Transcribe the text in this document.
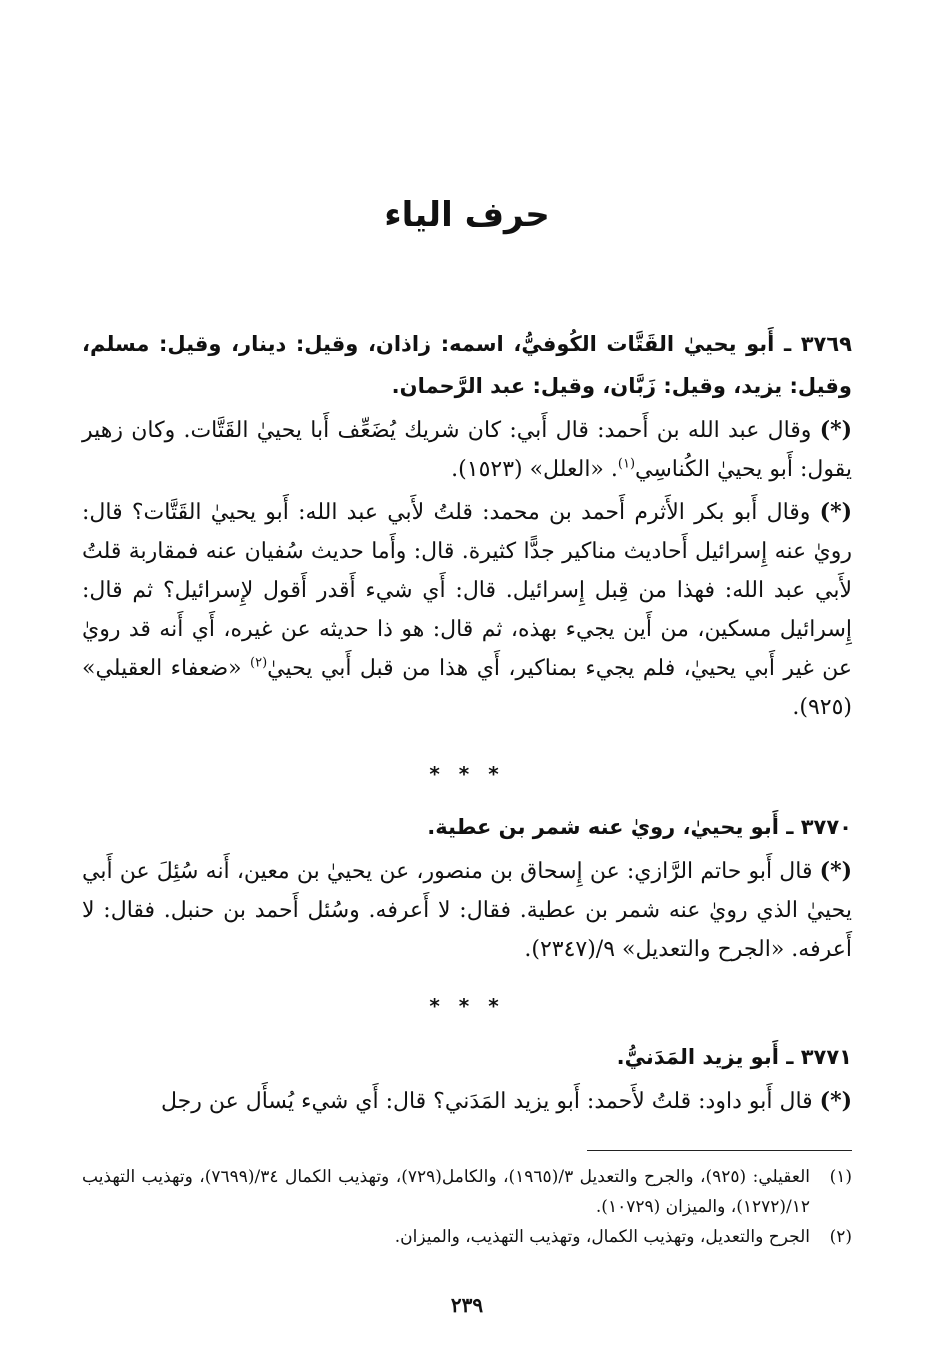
حرف الياء

٣٧٦٩ ـ أَبو يحييٰ القَتَّات الكُوفيُّ، اسمه: زاذان، وقيل: دينار، وقيل: مسلم، وقيل: يزيد، وقيل: زَبَّان، وقيل: عبد الرَّحمان.

(*) وقال عبد الله بن أَحمد: قال أَبي: كان شريك يُضَعِّف أَبا يحييٰ القَتَّات. وكان زهير يقول: أَبو يحييٰ الكُناسِي$^{(١)}$. «العلل» (١٥٢٣).

(*) وقال أَبو بكر الأَثرم أَحمد بن محمد: قلتُ لأَبي عبد الله: أَبو يحييٰ القَتَّات؟ قال: رويٰ عنه إِسرائيل أَحاديث مناكير جدًّا كثيرة. قال: وأَما حديث سُفيان عنه فمقاربة قلتُ لأَبي عبد الله: فهذا من قِبل إِسرائيل. قال: أَي شيء أَقدر أَقول لإِسرائيل؟ ثم قال: إِسرائيل مسكين، من أَين يجيء بهذه، ثم قال: هو ذا حديثه عن غيره، أَي أَنه قد رويٰ عن غير أَبي يحييٰ، فلم يجيء بمناكير، أَي هذا من قبل أَبي يحييٰ$^{(٢)}$ «ضعفاء العقيلي» (٩٢٥).

* * *

٣٧٧٠ ـ أَبو يحييٰ، رويٰ عنه شمر بن عطية.

(*) قال أَبو حاتم الرَّازي: عن إِسحاق بن منصور، عن يحييٰ بن معين، أَنه سُئِلَ عن أَبي يحييٰ الذي رويٰ عنه شمر بن عطية. فقال: لا أَعرفه. وسُئل أَحمد بن حنبل. فقال: لا أَعرفه. «الجرح والتعديل» ٩/(٢٣٤٧).

* * *

٣٧٧١ ـ أَبو يزيد المَدَنيُّ.

(*) قال أَبو داود: قلتُ لأَحمد: أَبو يزيد المَدَني؟ قال: أَي شيء يُسأَل عن رجل

(١)
العقيلي: (٩٢٥)، والجرح والتعديل ٣/(١٩٦٥)، والكامل(٧٢٩)، وتهذيب الكمال ٣٤/(٧٦٩٩)، وتهذيب التهذيب ١٢/(١٢٧٢)، والميزان (١٠٧٢٩).
(٢)
الجرح والتعديل، وتهذيب الكمال، وتهذيب التهذيب، والميزان.
٢٣٩
